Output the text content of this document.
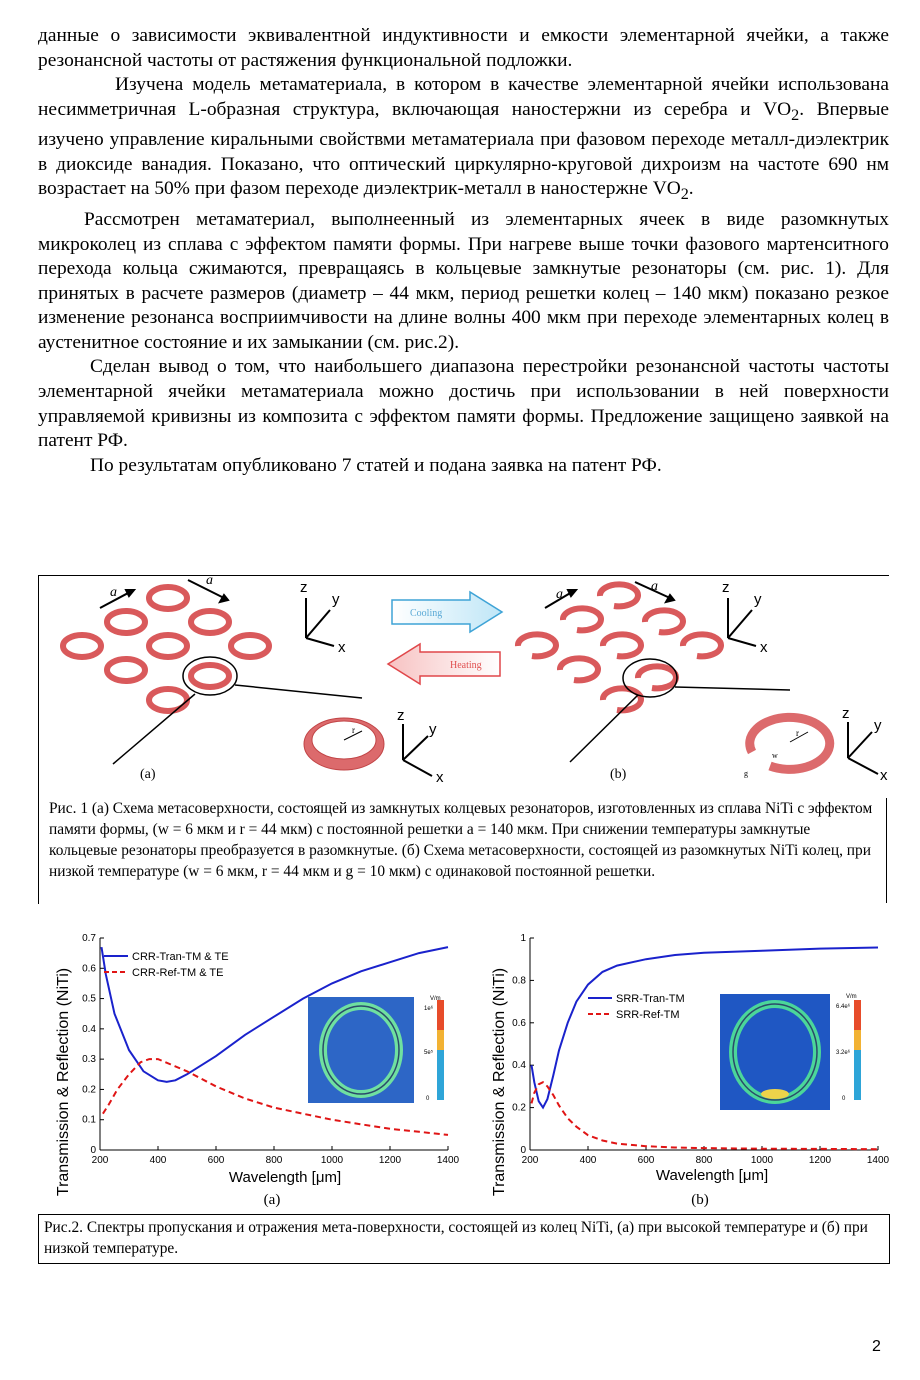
данные о зависимости эквивалентной индуктивности и емкости элементарной ячейки, а также резонансной частоты от растяжения функциональной подложки.

Изучена модель метаматериала, в котором в качестве элементарной ячейки использована несимметричная L-образная структура, включающая наностержни из серебра и $VO_2$. Впервые изучено управление киральными свойствми метаматериала при фазовом переходе металл-диэлектрик в диоксиде ванадия. Показано, что оптический циркулярно-круговой дихроизм на частоте 690 нм возрастает на 50% при фазом переходе диэлектрик-металл в наностержне $VO_2$.

Рассмотрен метаматериал, выполнеенный из элементарных ячеек в виде разомкнутых микроколец из сплава с эффектом памяти формы. При нагреве выше точки фазового мартенситного перехода кольца сжимаются, превращаясь в кольцевые замкнутые резонаторы (см. рис. 1). Для принятых в расчете размеров (диаметр – 44 мкм, период решетки колец – 140 мкм) показано резкое изменение резонанса восприимчивости на длине волны 400 мкм при переходе элементарных колец в аустенитное состояние и их замыкании (см. рис.2).

Сделан вывод о том, что наибольшего диапазона перестройки резонансной частоты частоты элементарной ячейки метаматериала можно достичь при использовании в ней поверхности управляемой кривизны из композита с эффектом памяти формы. Предложение защищено заявкой на патент РФ.

По результатам опубликовано 7 статей и подана заявка на патент РФ.

r
a
a	z
y
x
z
y
x
(a)
Cooling
Heating
r
w
g
a
a	z
y
x
z
y
x
(b)
Рис. 1 (а) Схема метасоверхности, состоящей из замкнутых колцевых резонаторов, изготовленных из сплава NiTi с эффектом памяти формы, (w = 6 мкм и r = 44 мкм) с постоянной решетки a = 140 мкм. При снижении температуры замкнутые кольцевые резонаторы преобразуется в разомкнутые. (б) Схема метасоверхности, состоящей из разомкнутых NiTi колец, при низкой температуре (w = 6 мкм, r = 44 мкм и g = 10 мкм) с одинаковой постоянной решетки.
Transmission & Reflection (NiTi)	Wavelength [μm]
(a)
V/m
1e⁶
5e⁵
0
200	400	600	800	1000	1200	1400
0
0.1
0.2
0.3
0.4
0.5
0.6
0.7
CRR-Tran-TM & TE
CRR-Ref-TM & TE	Transmission & Reflection (NiTi)	Wavelength [μm]
(b)
V/m
6.4e⁶
3.2e⁶
0
200	400	600	800	1000	1200	1400
0
0.2
0.4
0.6
0.8
1
SRR-Tran-TM
SRR-Ref-TM
Рис.2. Спектры пропускания и отражения мета-поверхности, состоящей из колец NiTi, (а) при высокой температуре и (б) при низкой температуре.
2
